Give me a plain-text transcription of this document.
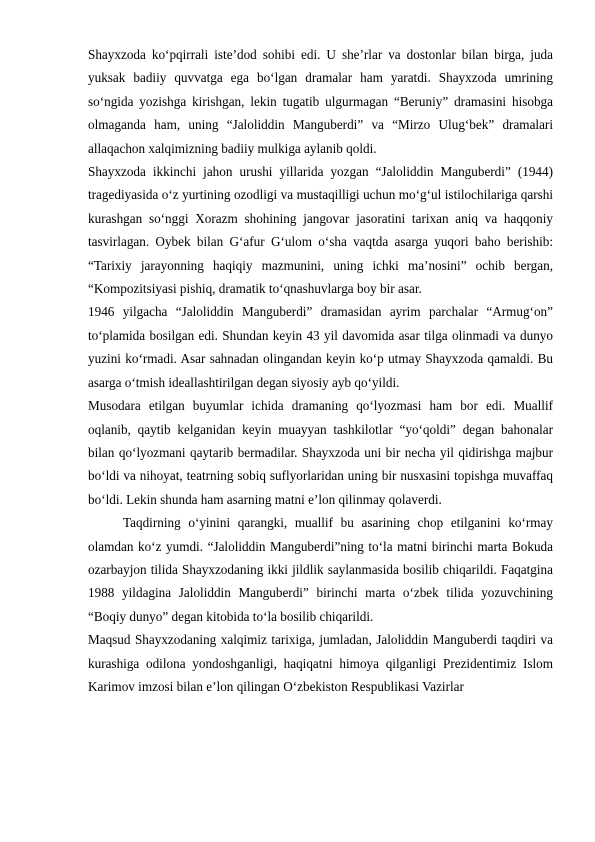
Shayxzoda ko‘pqirrali iste’dod sohibi edi. U she’rlar va dostonlar bilan birga, juda yuksak badiiy quvvatga ega bo‘lgan dramalar ham yaratdi. Shayxzoda umrining so‘ngida yozishga kirishgan, lekin tugatib ulgurmagan “Beruniy” dramasini hisobga olmaganda ham, uning “Jaloliddin Manguberdi” va “Mirzo Ulug‘bek” dramalari allaqachon xalqimizning badiiy mulkiga aylanib qoldi.

Shayxzoda ikkinchi jahon urushi yillarida yozgan “Jaloliddin Manguberdi” (1944) tragediyasida o‘z yurtining ozodligi va mustaqilligi uchun mo‘g‘ul istilochilariga qarshi kurashgan so‘nggi Xorazm shohining jangovar jasoratini tarixan aniq va haqqoniy tasvirlagan. Oybek bilan G‘afur G‘ulom o‘sha vaqtda asarga yuqori baho berishib: “Tarixiy jarayonning haqiqiy mazmunini, uning ichki ma’nosini” ochib bergan, “Kompozitsiyasi pishiq, dramatik to‘qnashuvlarga boy bir asar.

1946 yilgacha “Jaloliddin Manguberdi” dramasidan ayrim parchalar “Armug‘on” to‘plamida bosilgan edi. Shundan keyin 43 yil davomida asar tilga olinmadi va dunyo yuzini ko‘rmadi. Asar sahnadan olingandan keyin ko‘p utmay Shayxzoda qamaldi. Bu asarga o‘tmish ideallashtirilgan degan siyosiy ayb qo‘yildi.

Musodara etilgan buyumlar ichida dramaning qo‘lyozmasi ham bor edi. Muallif oqlanib, qaytib kelganidan keyin muayyan tashkilotlar “yo‘qoldi” degan bahonalar bilan qo‘lyozmani qaytarib bermadilar. Shayxzoda uni bir necha yil qidirishga majbur bo‘ldi va nihoyat, teatrning sobiq suflyorlaridan uning bir nusxasini topishga muvaffaq bo‘ldi. Lekin shunda ham asarning matni e’lon qilinmay qolaverdi.

Taqdirning o‘yinini qarangki, muallif bu asarining chop etilganini ko‘rmay olamdan ko‘z yumdi. “Jaloliddin Manguberdi”ning to‘la matni birinchi marta Bokuda ozarbayjon tilida Shayxzodaning ikki jildlik saylanmasida bosilib chiqarildi. Faqatgina 1988 yildagina Jaloliddin Manguberdi” birinchi marta o‘zbek tilida yozuvchining “Boqiy dunyo” degan kitobida to‘la bosilib chiqarildi.

Maqsud Shayxzodaning xalqimiz tarixiga, jumladan, Jaloliddin Manguberdi taqdiri va kurashiga odilona yondoshganligi, haqiqatni himoya qilganligi Prezidentimiz Islom Karimov imzosi bilan e’lon qilingan O‘zbekiston Respublikasi Vazirlar
